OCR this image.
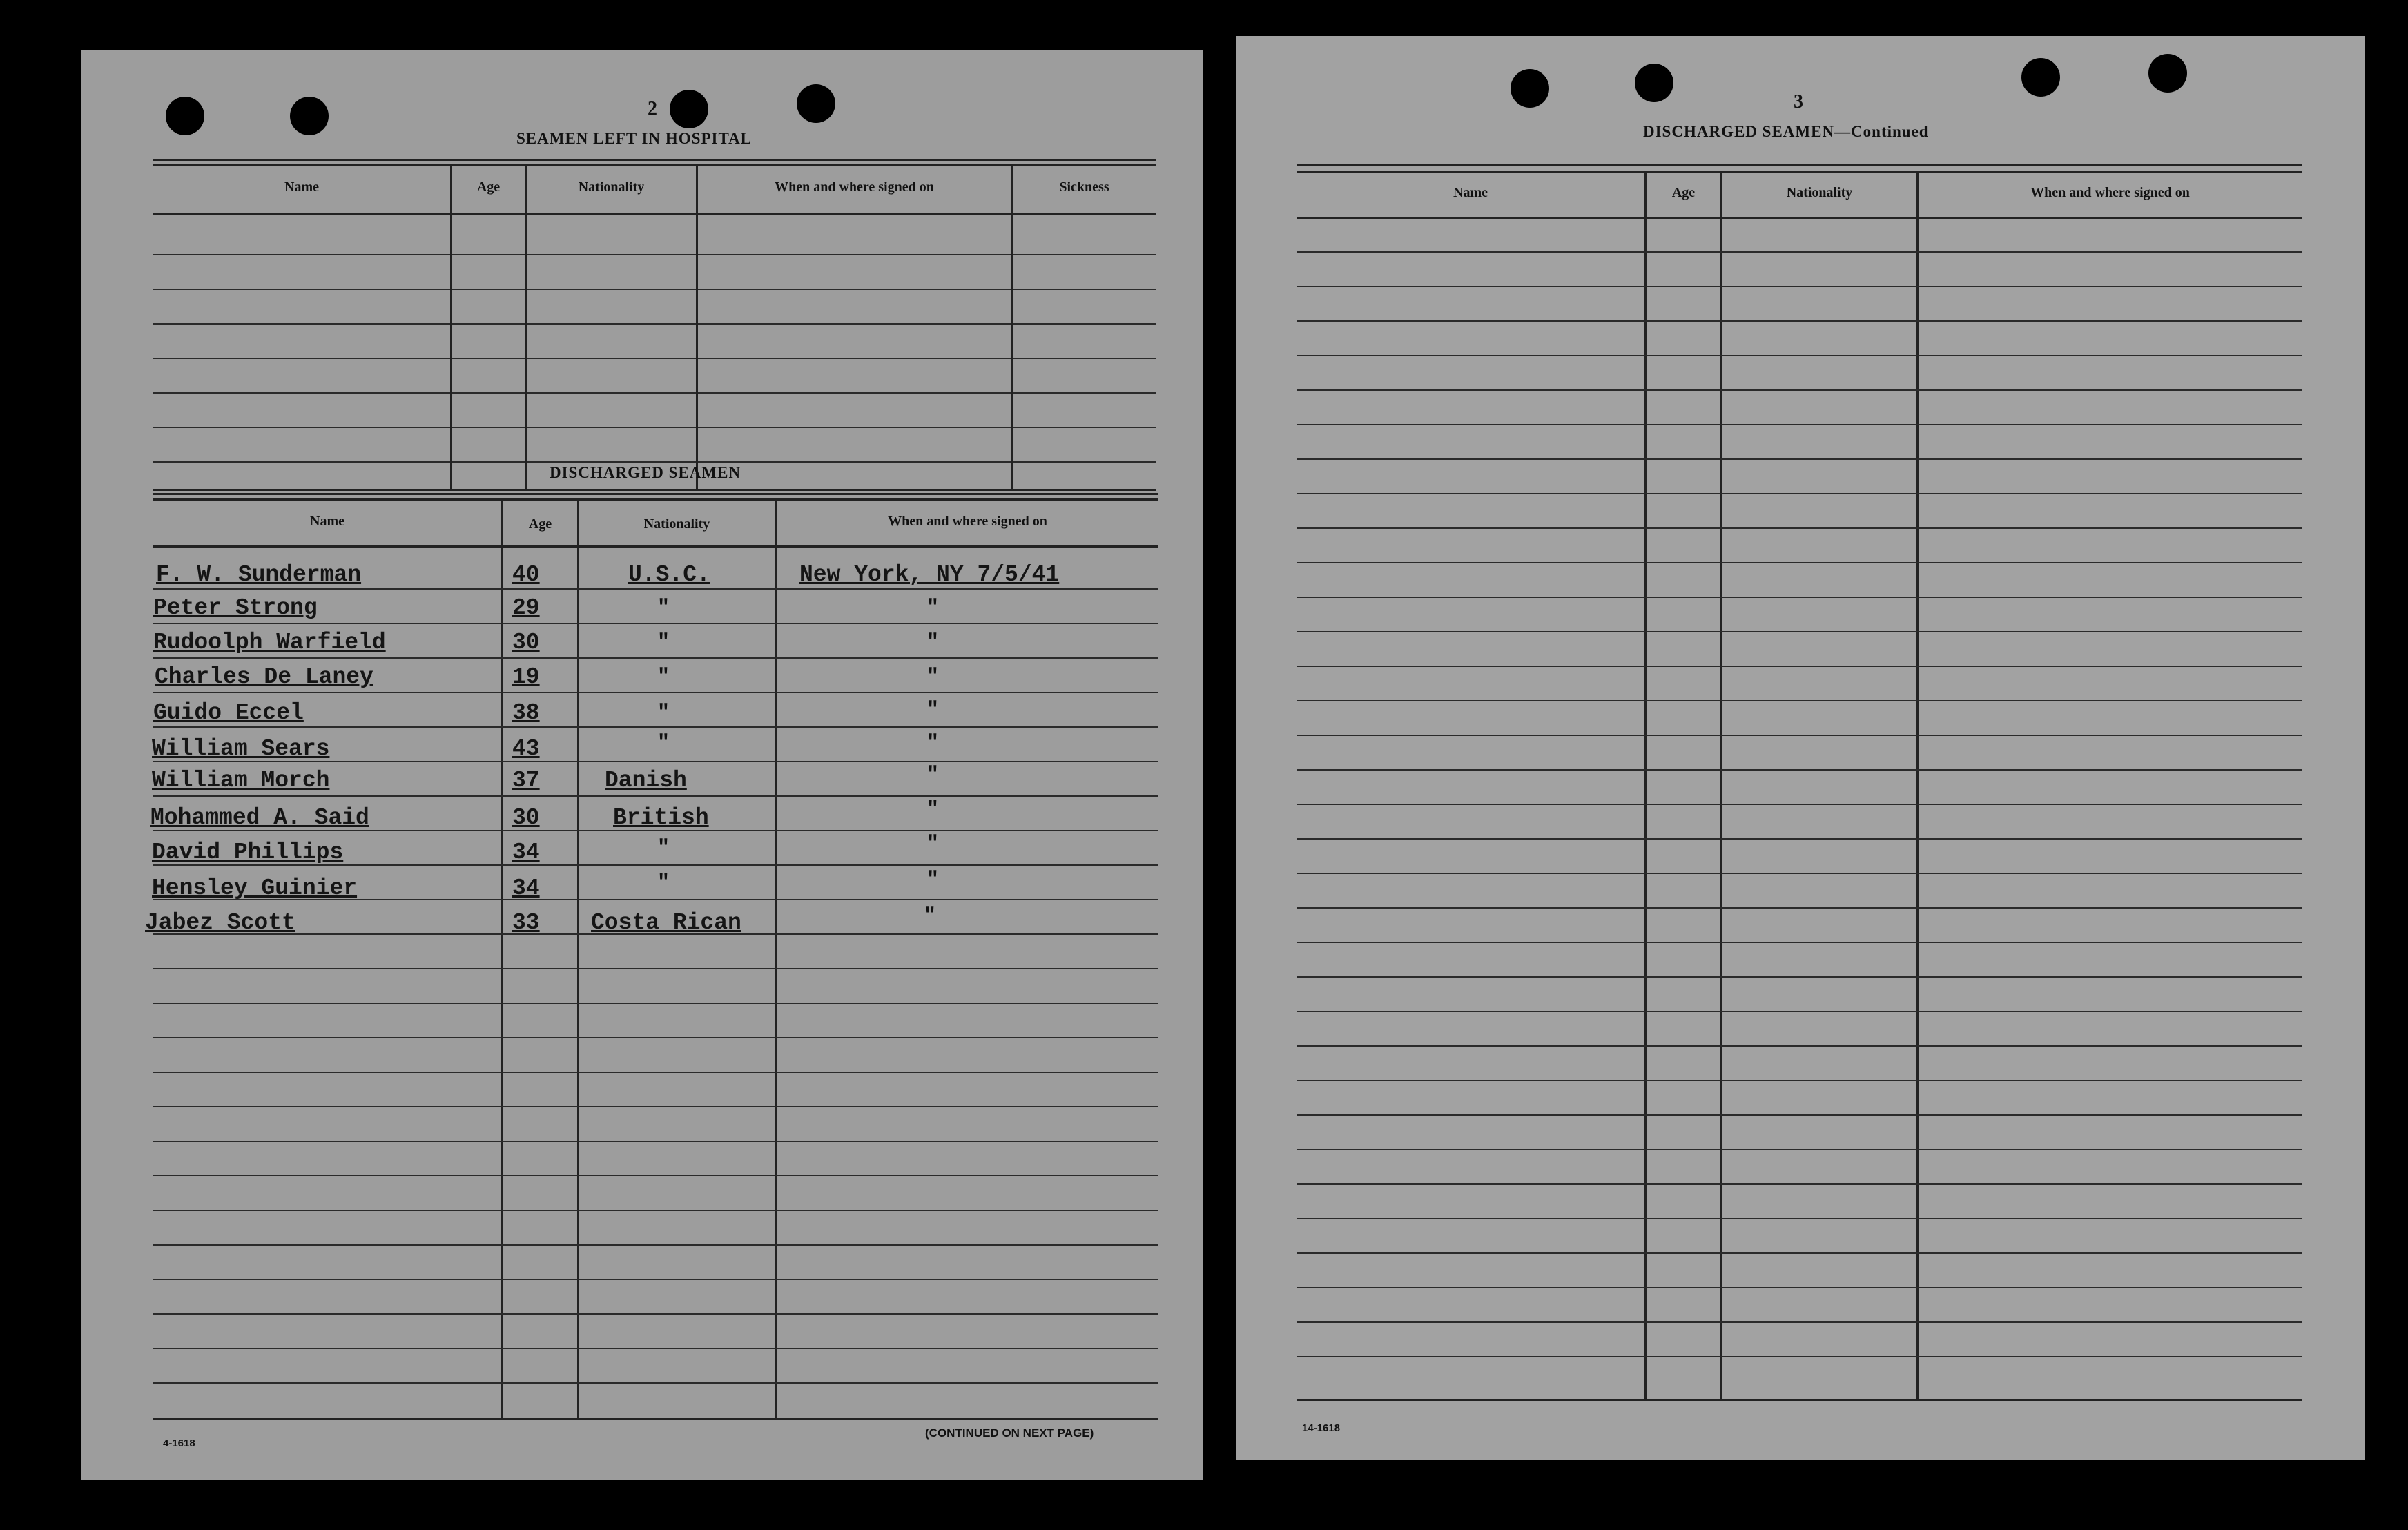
2
SEAMEN LEFT IN HOSPITAL
Name	Age	Nationality	When and where signed on	Sickness
DISCHARGED SEAMEN
Name	Age	Nationality	When and where signed on
F. W. Sunderman	40	U.S.C.	New York, NY 7/5/41
Peter Strong	29	"	"
Rudoolph Warfield	30	"	"
Charles De Laney	19	"	"
Guido Eccel	38	"	"
William Sears	43	"	"
William Morch	37	Danish	"
Mohammed A. Said	30	British	"
David Phillips	34	"	"
Hensley Guinier	34	"	"
Jabez Scott	33 Costa Rican	"
4-1618
(CONTINUED ON NEXT PAGE)
3
DISCHARGED SEAMEN—Continued
Name	Age	Nationality	When and where signed on
14-1618
